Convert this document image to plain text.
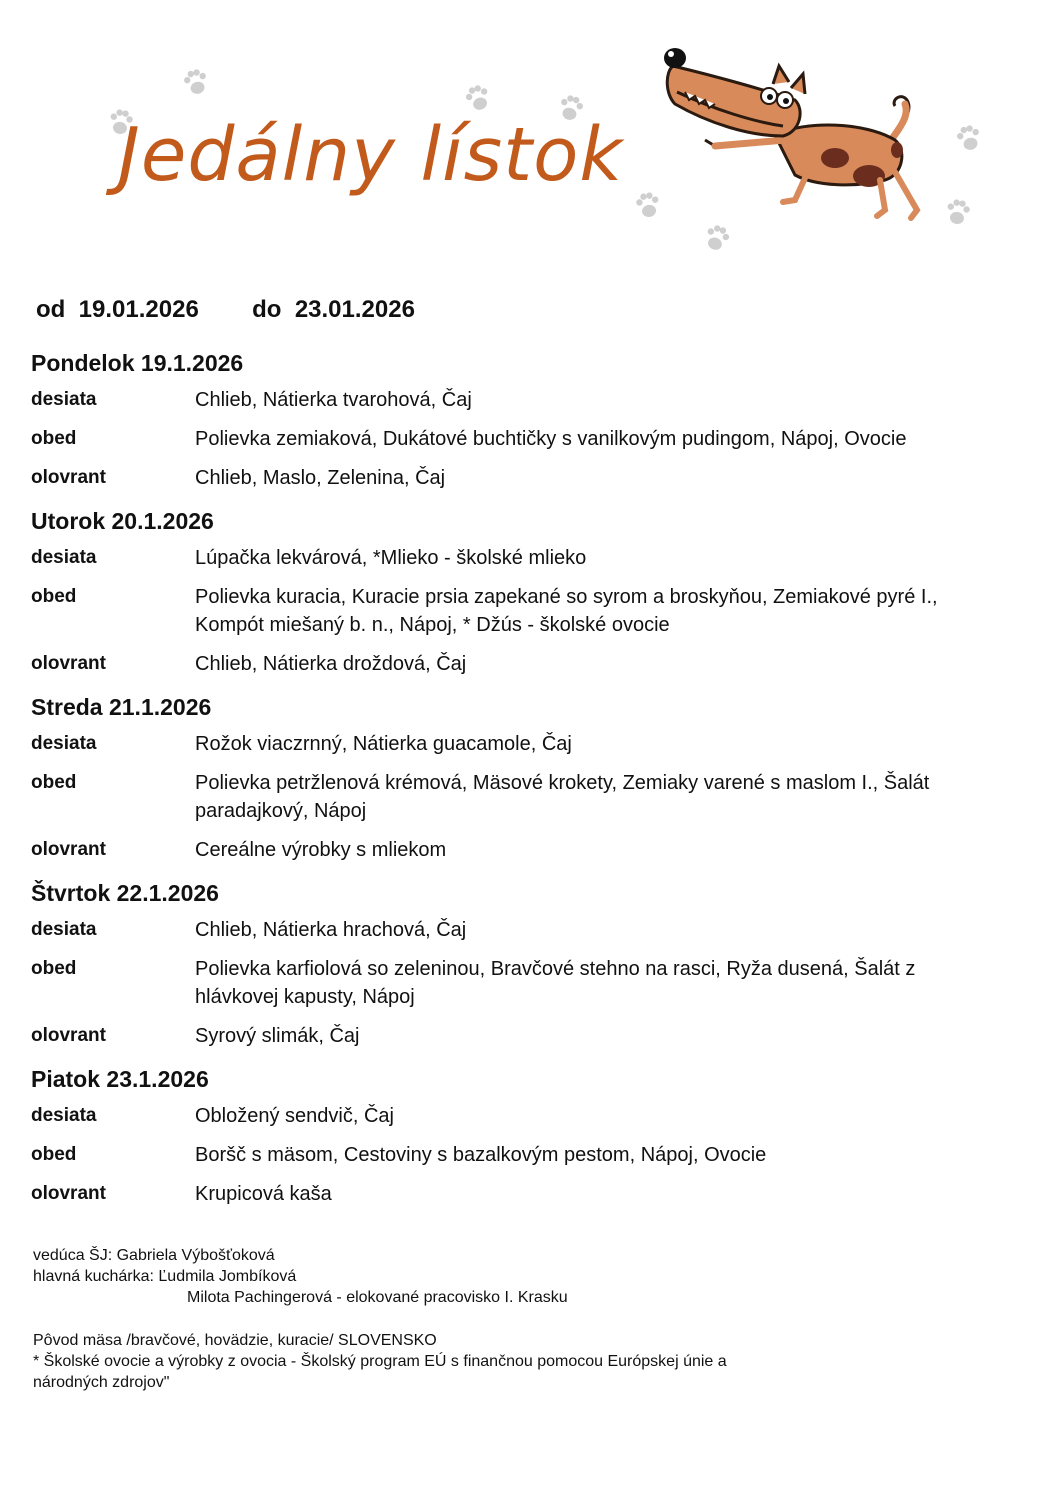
Jedálny lístok
od 19.01.2026 do 23.01.2026
Pondelok 19.1.2026
desiata	Chlieb, Nátierka tvarohová, Čaj
obed	Polievka zemiaková, Dukátové buchtičky s vanilkovým pudingom, Nápoj, Ovocie
olovrant	Chlieb, Maslo, Zelenina, Čaj
Utorok 20.1.2026
desiata	Lúpačka lekvárová, *Mlieko - školské mlieko
obed	Polievka kuracia, Kuracie prsia zapekané so syrom a broskyňou, Zemiakové pyré I., Kompót miešaný b. n., Nápoj, * Džús - školské ovocie
olovrant	Chlieb, Nátierka droždová, Čaj
Streda 21.1.2026
desiata	Rožok viaczrnný, Nátierka guacamole, Čaj
obed	Polievka petržlenová krémová, Mäsové krokety, Zemiaky varené s maslom I., Šalát paradajkový, Nápoj
olovrant	Cereálne výrobky s mliekom
Štvrtok 22.1.2026
desiata	Chlieb, Nátierka hrachová, Čaj
obed	Polievka karfiolová so zeleninou, Bravčové stehno na rasci, Ryža dusená, Šalát z hlávkovej kapusty, Nápoj
olovrant	Syrový slimák, Čaj
Piatok 23.1.2026
desiata	Obložený sendvič, Čaj
obed	Boršč s mäsom, Cestoviny s bazalkovým pestom, Nápoj, Ovocie
olovrant	Krupicová kaša
vedúca ŠJ: Gabriela Výbošťoková
hlavná kuchárka: Ľudmila Jombíková
Milota Pachingerová - elokované pracovisko I. Krasku
Pôvod mäsa /bravčové, hovädzie, kuracie/ SLOVENSKO
* Školské ovocie a výrobky z ovocia - Školský program EÚ s finančnou pomocou Európskej únie a
národných zdrojov"
